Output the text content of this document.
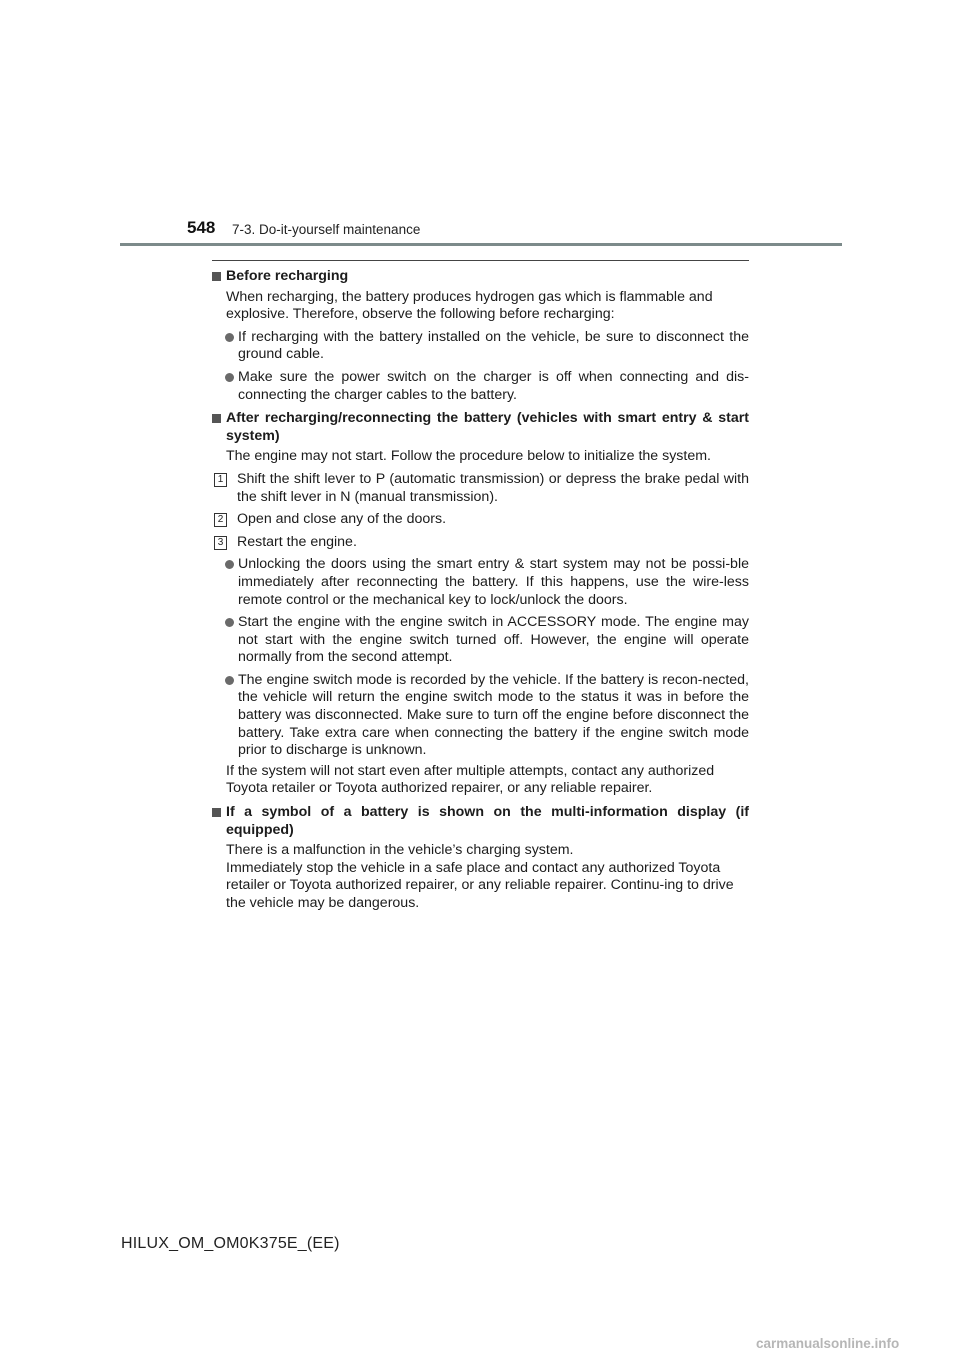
548 7-3. Do-it-yourself maintenance
Before recharging
When recharging, the battery produces hydrogen gas which is flammable and explosive. Therefore, observe the following before recharging:
If recharging with the battery installed on the vehicle, be sure to disconnect the ground cable.
Make sure the power switch on the charger is off when connecting and dis-connecting the charger cables to the battery.
After recharging/reconnecting the battery (vehicles with smart entry & start system)
The engine may not start. Follow the procedure below to initialize the system.
1 Shift the shift lever to P (automatic transmission) or depress the brake pedal with the shift lever in N (manual transmission).
2 Open and close any of the doors.
3 Restart the engine.
Unlocking the doors using the smart entry & start system may not be possi-ble immediately after reconnecting the battery. If this happens, use the wire-less remote control or the mechanical key to lock/unlock the doors.
Start the engine with the engine switch in ACCESSORY mode. The engine may not start with the engine switch turned off. However, the engine will operate normally from the second attempt.
The engine switch mode is recorded by the vehicle. If the battery is recon-nected, the vehicle will return the engine switch mode to the status it was in before the battery was disconnected. Make sure to turn off the engine before disconnect the battery. Take extra care when connecting the battery if the engine switch mode prior to discharge is unknown.
If the system will not start even after multiple attempts, contact any authorized Toyota retailer or Toyota authorized repairer, or any reliable repairer.
If a symbol of a battery is shown on the multi-information display (if equipped)
There is a malfunction in the vehicle’s charging system.
Immediately stop the vehicle in a safe place and contact any authorized Toyota retailer or Toyota authorized repairer, or any reliable repairer. Continu-ing to drive the vehicle may be dangerous.
HILUX_OM_OM0K375E_(EE)
carmanualsonline.info
